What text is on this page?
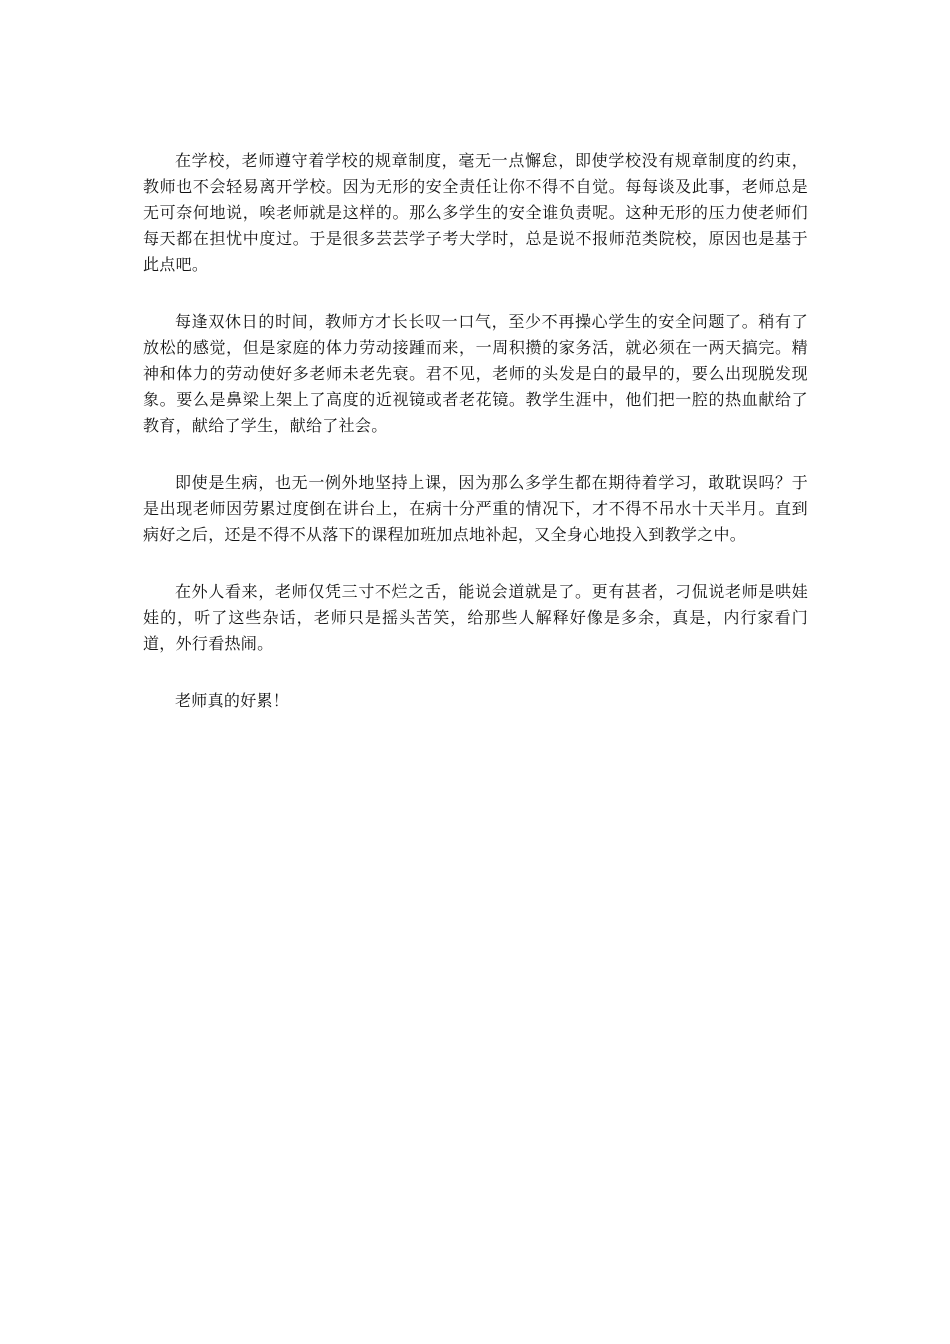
在学校，老师遵守着学校的规章制度，毫无一点懈怠，即使学校没有规章制度的约束，教师也不会轻易离开学校。因为无形的安全责任让你不得不自觉。每每谈及此事，老师总是无可奈何地说，唉老师就是这样的。那么多学生的安全谁负责呢。这种无形的压力使老师们每天都在担忧中度过。于是很多芸芸学子考大学时，总是说不报师范类院校，原因也是基于此点吧。

每逢双休日的时间，教师方才长长叹一口气，至少不再操心学生的安全问题了。稍有了放松的感觉，但是家庭的体力劳动接踵而来，一周积攒的家务活，就必须在一两天搞完。精神和体力的劳动使好多老师未老先衰。君不见，老师的头发是白的最早的，要么出现脱发现象。要么是鼻梁上架上了高度的近视镜或者老花镜。教学生涯中，他们把一腔的热血献给了教育，献给了学生，献给了社会。

即使是生病，也无一例外地坚持上课，因为那么多学生都在期待着学习，敢耽误吗？于是出现老师因劳累过度倒在讲台上，在病十分严重的情况下，才不得不吊水十天半月。直到病好之后，还是不得不从落下的课程加班加点地补起，又全身心地投入到教学之中。

在外人看来，老师仅凭三寸不烂之舌，能说会道就是了。更有甚者，刁侃说老师是哄娃娃的，听了这些杂话，老师只是摇头苦笑，给那些人解释好像是多余，真是，内行家看门道，外行看热闹。

老师真的好累！
